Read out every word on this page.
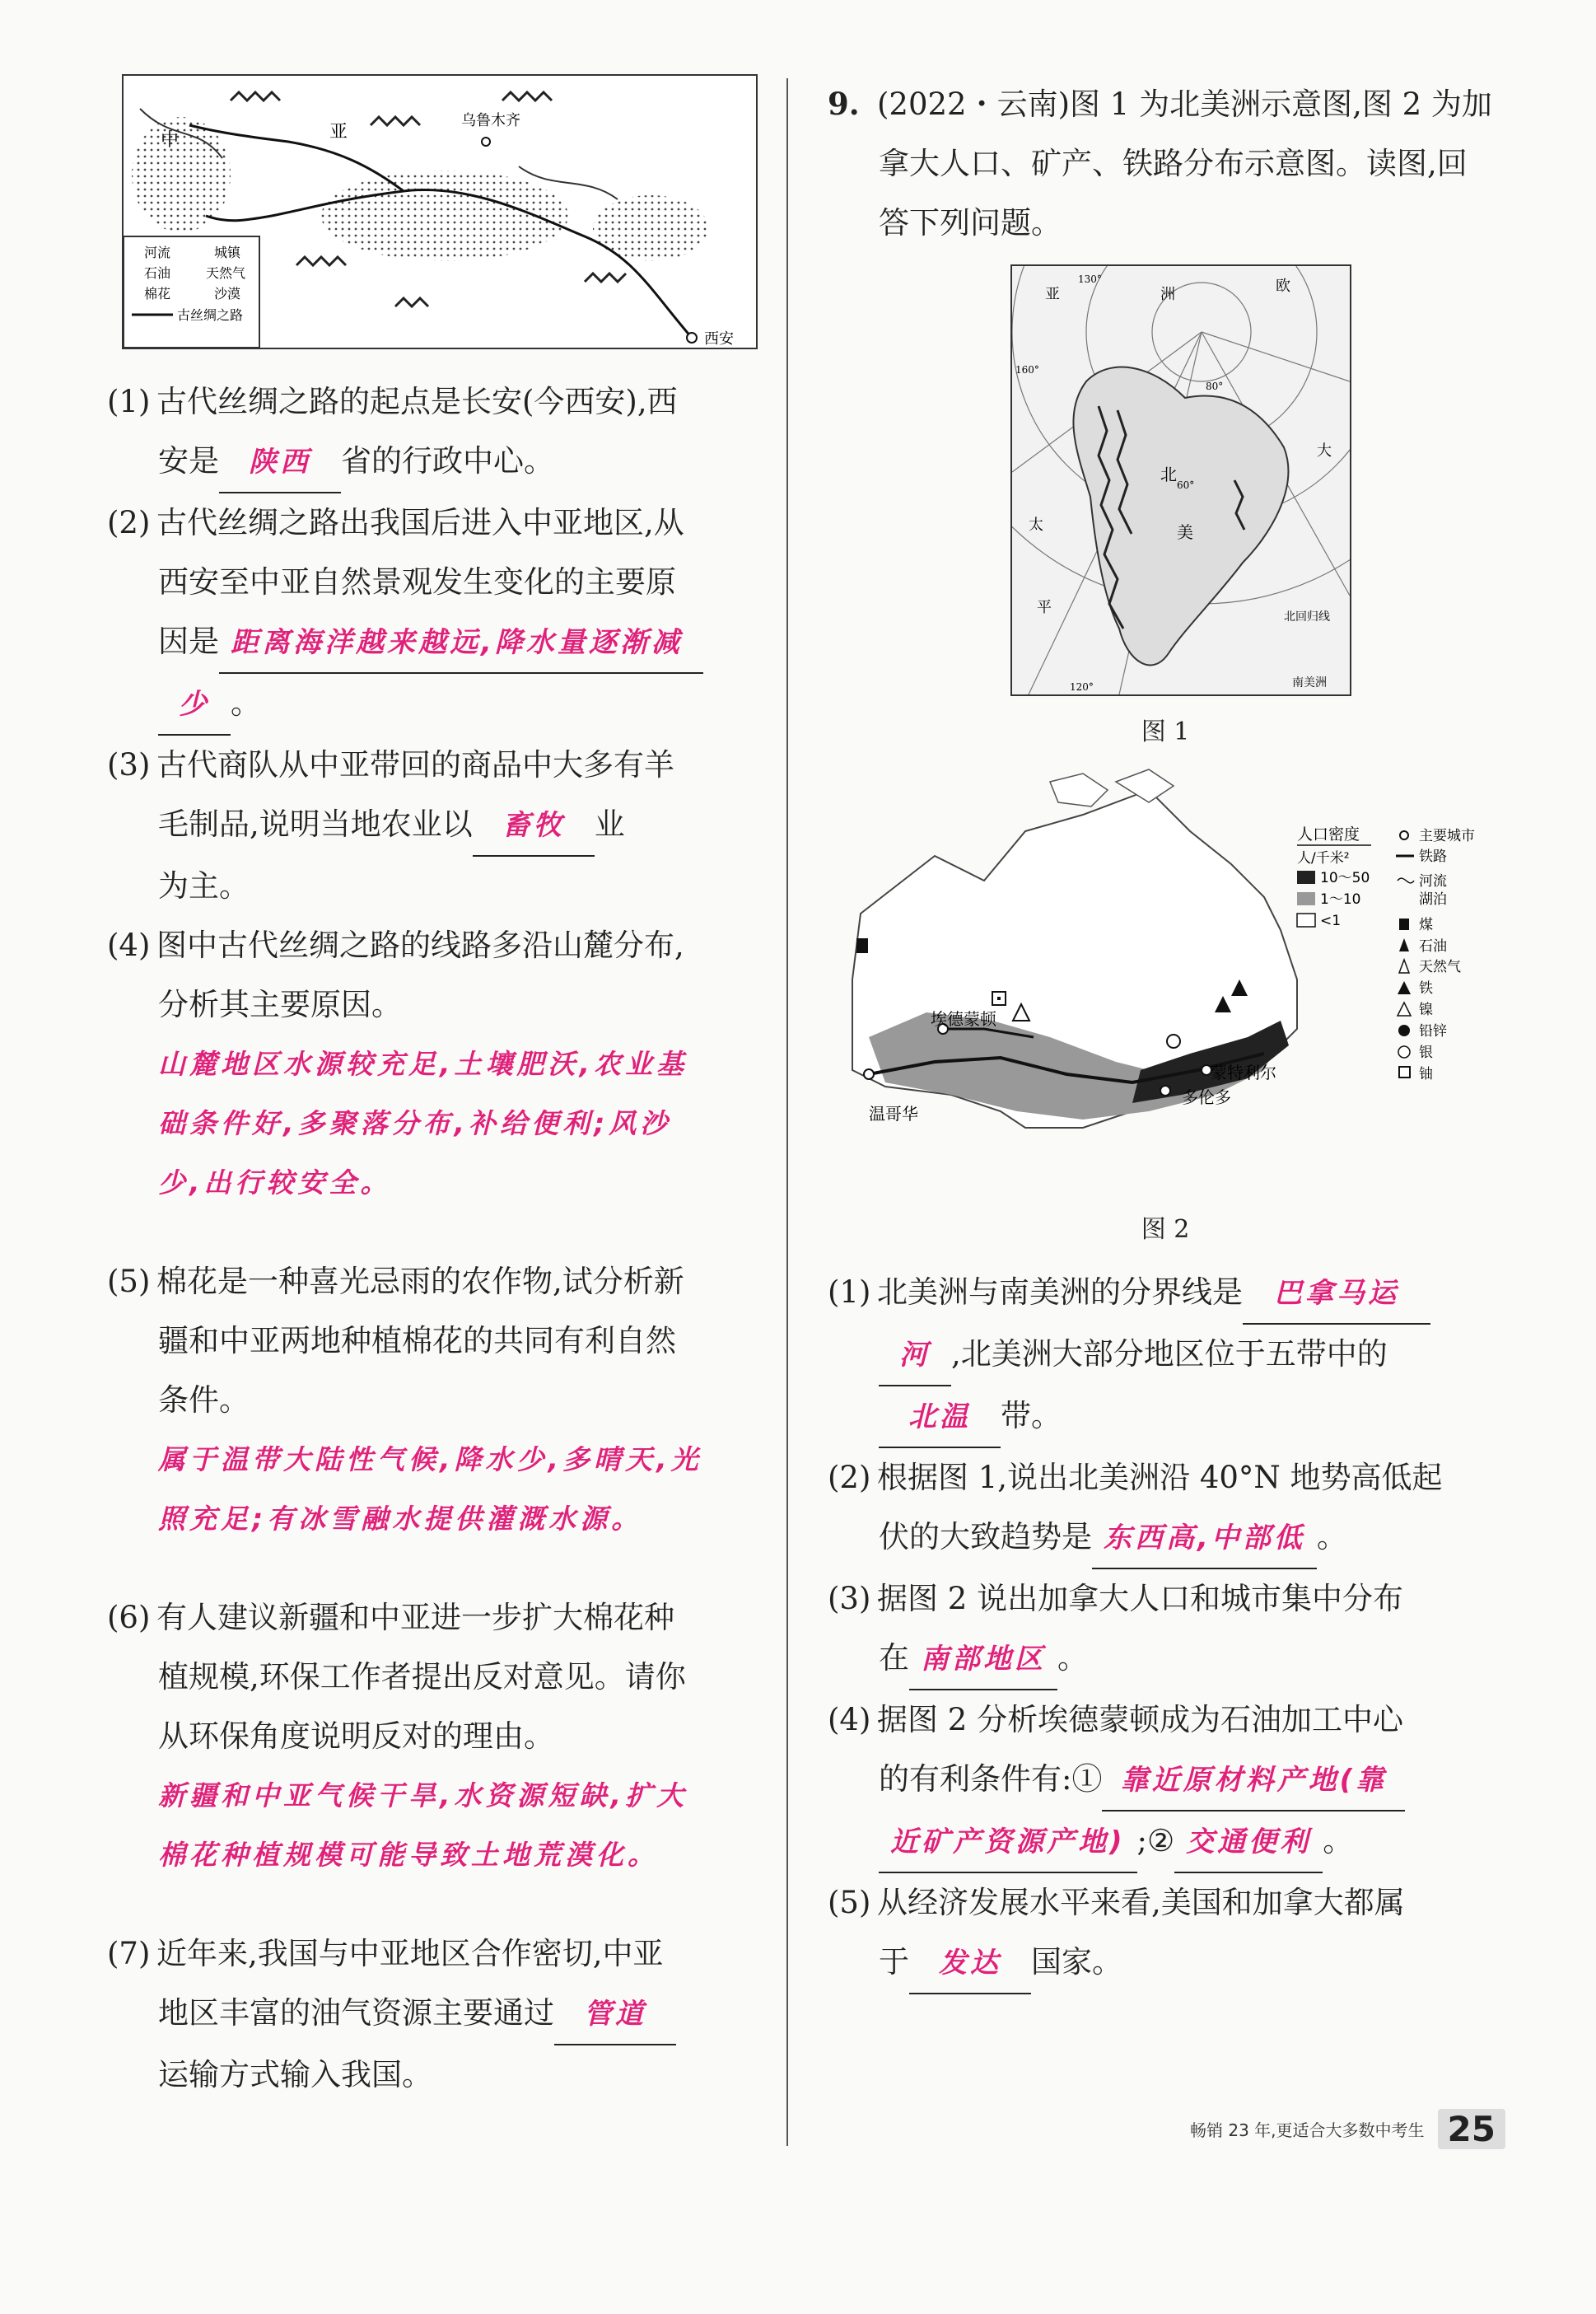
中	亚
乌鲁木齐
西安
河流	城镇
石油	天然气
棉花	沙漠
古丝绸之路

(1) 古代丝绸之路的起点是长安(今西安),西

安是 陕西 省的行政中心。

(2) 古代丝绸之路出我国后进入中亚地区,从

西安至中亚自然景观发生变化的主要原

因是 距离海洋越来越远,降水量逐渐减

少 。

(3) 古代商队从中亚带回的商品中大多有羊

毛制品,说明当地农业以 畜牧 业

为主。

(4) 图中古代丝绸之路的线路多沿山麓分布,

分析其主要原因。

山麓地区水源较充足,土壤肥沃,农业基
础条件好,多聚落分布,补给便利;风沙
少,出行较安全。

(5) 棉花是一种喜光忌雨的农作物,试分析新

疆和中亚两地种植棉花的共同有利自然

条件。

属于温带大陆性气候,降水少,多晴天,光
照充足;有冰雪融水提供灌溉水源。

(6) 有人建议新疆和中亚进一步扩大棉花种

植规模,环保工作者提出反对意见。请你

从环保角度说明反对的理由。

新疆和中亚气候干旱,水资源短缺,扩大
棉花种植规模可能导致土地荒漠化。

(7) 近年来,我国与中亚地区合作密切,中亚

地区丰富的油气资源主要通过 管道

运输方式输入我国。

9. (2022・云南)图 1 为北美洲示意图,图 2 为加

拿大人口、矿产、铁路分布示意图。读图,回

答下列问题。

亚	洲	欧
北
美
太
平
大
北回归线
南美洲
130°
160°
80°
60°
120°
图 1
温哥华
埃德蒙顿
蒙特利尔
多伦多
人口密度
人/千米²
10～50
1～10
<1
主要城市
铁路
河流
湖泊
煤
石油
天然气
铁
镍
铅锌
银
铀
图 2

(1) 北美洲与南美洲的分界线是 巴拿马运

河 ,北美洲大部分地区位于五带中的

北温 带。

(2) 根据图 1,说出北美洲沿 40°N 地势高低起

伏的大致趋势是 东西高,中部低 。

(3) 据图 2 说出加拿大人口和城市集中分布

在 南部地区 。

(4) 据图 2 分析埃德蒙顿成为石油加工中心

的有利条件有:① 靠近原材料产地(靠

近矿产资源产地) ;② 交通便利 。

(5) 从经济发展水平来看,美国和加拿大都属

于 发达 国家。

畅销 23 年,更适合大多数中考生 25
